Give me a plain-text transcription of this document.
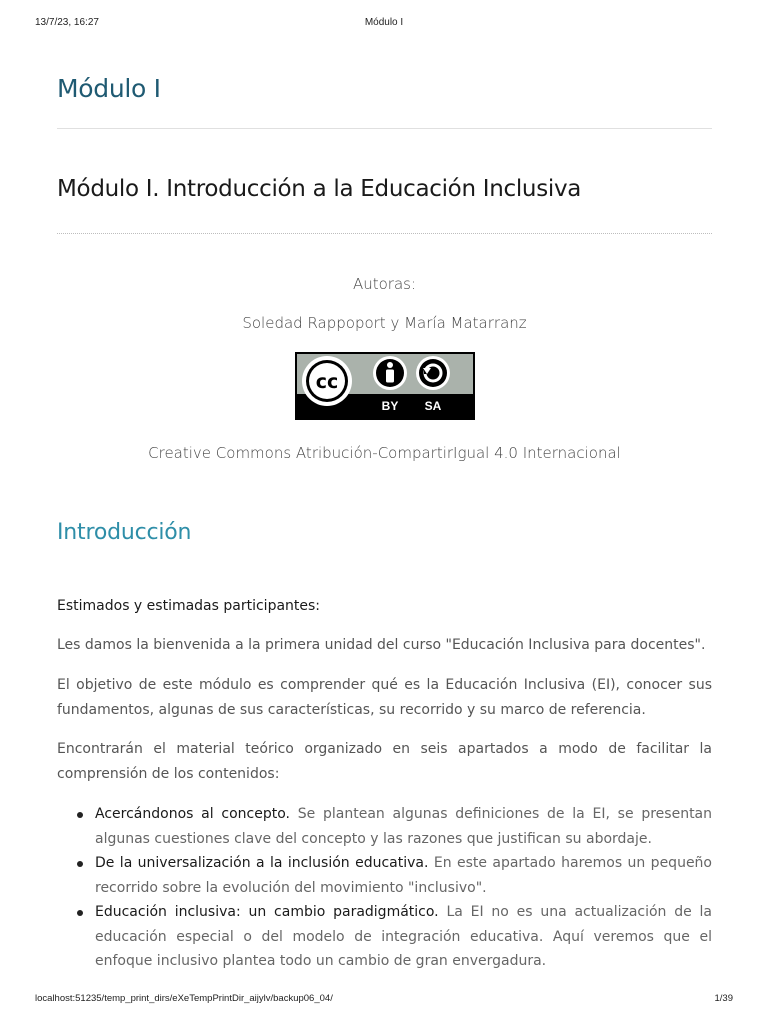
13/7/23, 16:27	Módulo I
Módulo I
Módulo I. Introducción a la Educación Inclusiva
Autoras:
Soledad Rappoport y María Matarranz
cc
BY SA
Creative Commons Atribución-CompartirIgual 4.0 Internacional
Introducción

Estimados y estimadas participantes:

Les damos la bienvenida a la primera unidad del curso "Educación Inclusiva para docentes".

El objetivo de este módulo es comprender qué es la Educación Inclusiva (EI), conocer sus fundamentos, algunas de sus características, su recorrido y su marco de referencia.

Encontrarán el material teórico organizado en seis apartados a modo de facilitar la comprensión de los contenidos:

Acercándonos al concepto. Se plantean algunas definiciones de la EI, se presentan algunas cuestiones clave del concepto y las razones que justifican su abordaje.
De la universalización a la inclusión educativa. En este apartado haremos un pequeño recorrido sobre la evolución del movimiento "inclusivo".
Educación inclusiva: un cambio paradigmático. La EI no es una actualización de la educación especial o del modelo de integración educativa. Aquí veremos que el enfoque inclusivo plantea todo un cambio de gran envergadura.
localhost:51235/temp_print_dirs/eXeTempPrintDir_aijylv/backup06_04/	1/39
